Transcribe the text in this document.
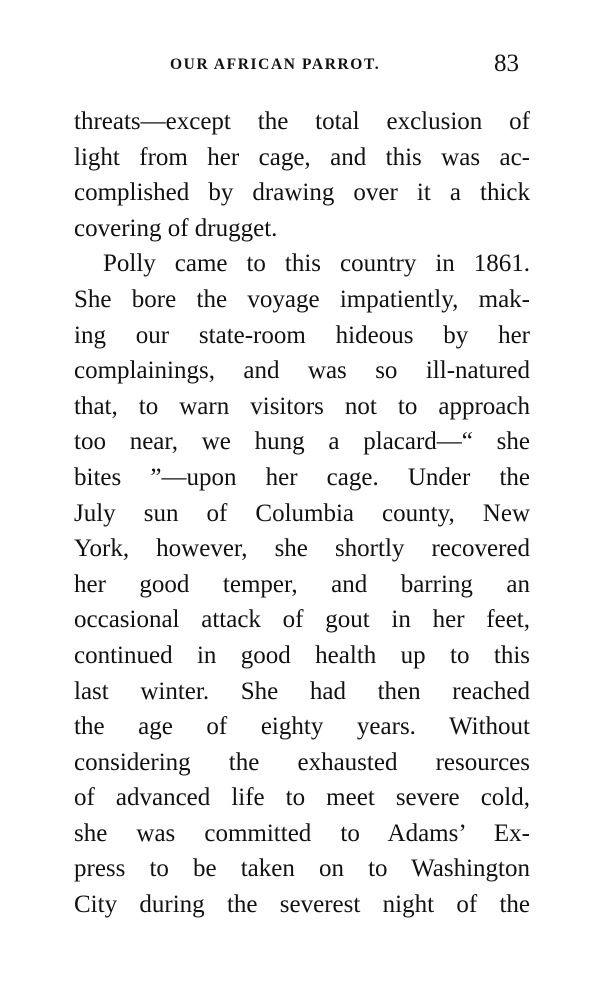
OUR AFRICAN PARROT.	83
threats—except the total exclusion of
light from her cage, and this was ac-
complished by drawing over it a thick
covering of drugget.
Polly came to this country in 1861.
She bore the voyage impatiently, mak-
ing our state-room hideous by her
complainings, and was so ill-natured
that, to warn visitors not to approach
too near, we hung a placard—“ she
bites ”—upon her cage. Under the
July sun of Columbia county, New
York, however, she shortly recovered
her good temper, and barring an
occasional attack of gout in her feet,
continued in good health up to this
last winter. She had then reached
the age of eighty years. Without
considering the exhausted resources
of advanced life to meet severe cold,
she was committed to Adams’ Ex-
press to be taken on to Washington
City during the severest night of the
